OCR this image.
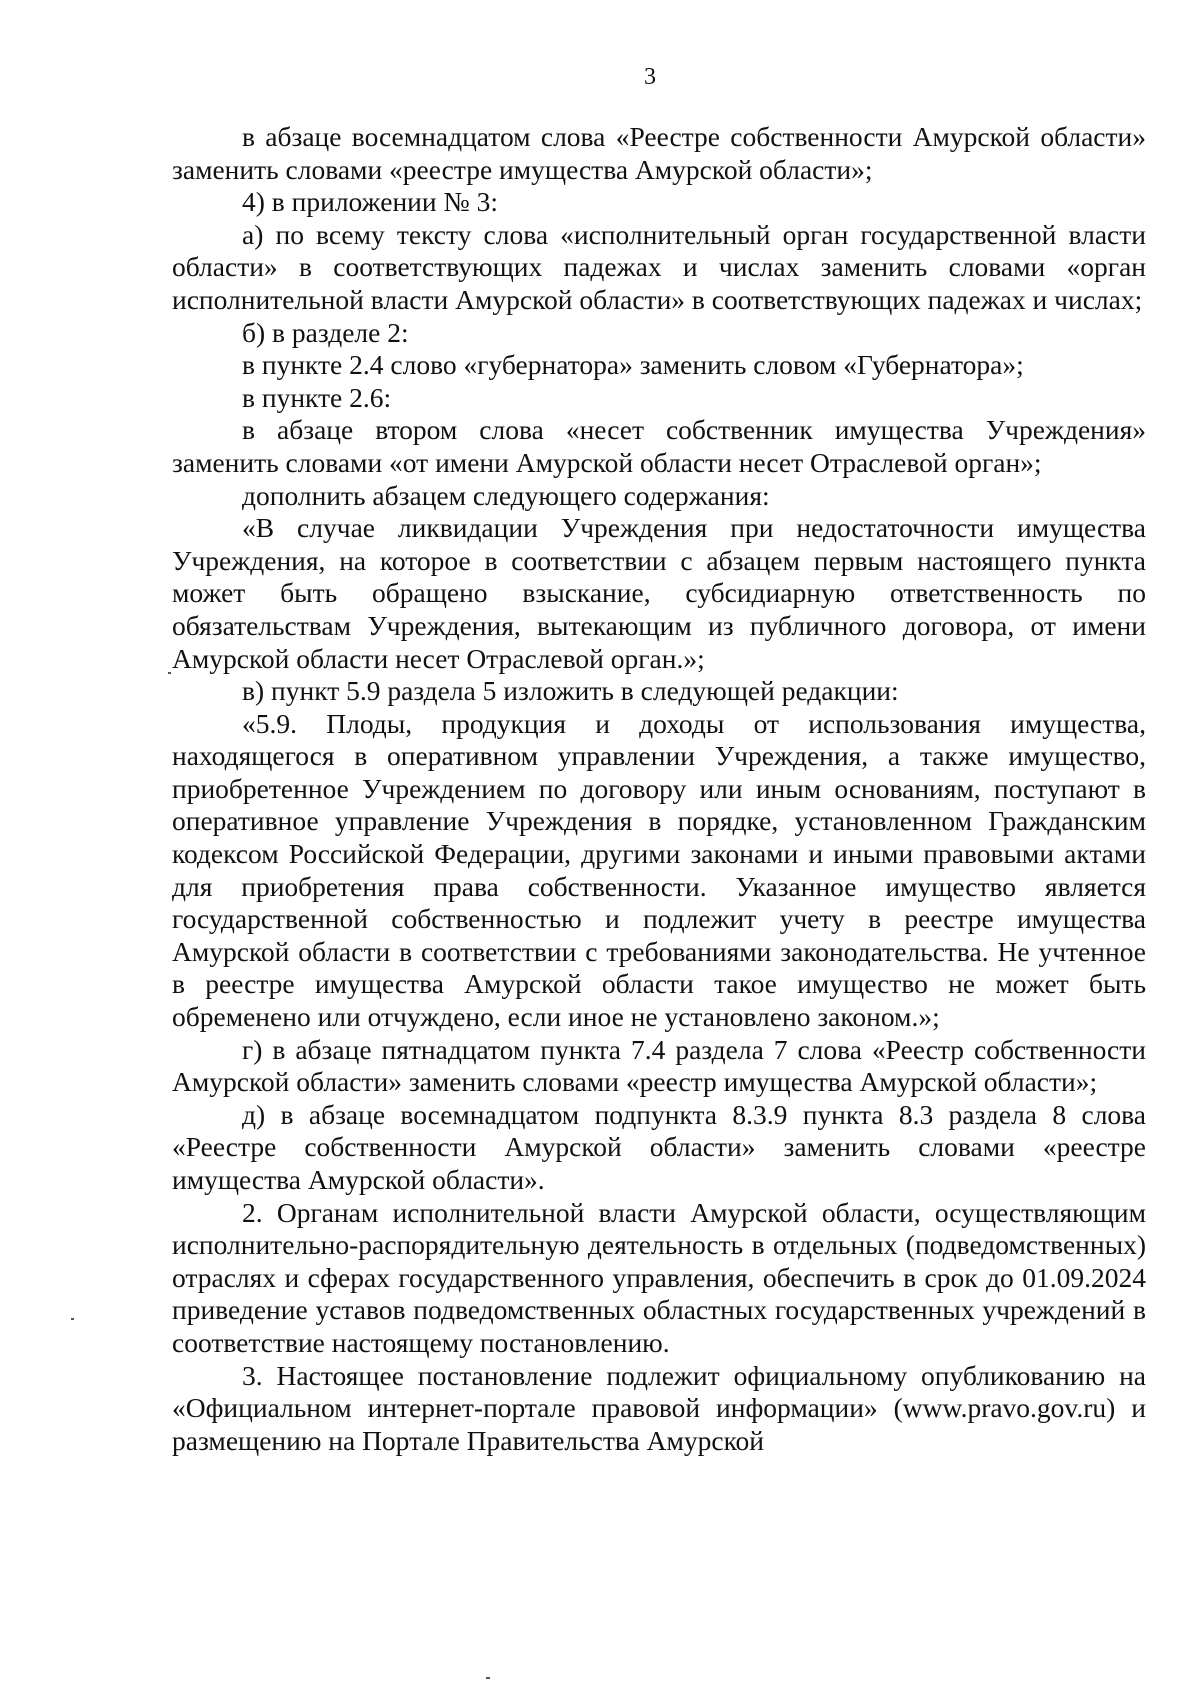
3

в абзаце восемнадцатом слова «Реестре собственности Амурской области» заменить словами «реестре имущества Амурской области»;

4) в приложении № 3:

а) по всему тексту слова «исполнительный орган государственной власти области» в соответствующих падежах и числах заменить словами «орган исполнительной власти Амурской области» в соответствующих падежах и числах;

б) в разделе 2:

в пункте 2.4 слово «губернатора» заменить словом «Губернатора»;

в пункте 2.6:

в абзаце втором слова «несет собственник имущества Учреждения» заменить словами «от имени Амурской области несет Отраслевой орган»;

дополнить абзацем следующего содержания:

«В случае ликвидации Учреждения при недостаточности имущества Учреждения, на которое в соответствии с абзацем первым настоящего пункта может быть обращено взыскание, субсидиарную ответственность по обязательствам Учреждения, вытекающим из публичного договора, от имени Амурской области несет Отраслевой орган.»;

в) пункт 5.9 раздела 5 изложить в следующей редакции:

«5.9. Плоды, продукция и доходы от использования имущества, находящегося в оперативном управлении Учреждения, а также имущество, приобретенное Учреждением по договору или иным основаниям, поступают в оперативное управление Учреждения в порядке, установленном Гражданским кодексом Российской Федерации, другими законами и иными правовыми актами для приобретения права собственности. Указанное имущество является государственной собственностью и подлежит учету в реестре имущества Амурской области в соответствии с требованиями законодательства. Не учтенное в реестре имущества Амурской области такое имущество не может быть обременено или отчуждено, если иное не установлено законом.»;

г) в абзаце пятнадцатом пункта 7.4 раздела 7 слова «Реестр собственности Амурской области» заменить словами «реестр имущества Амурской области»;

д) в абзаце восемнадцатом подпункта 8.3.9 пункта 8.3 раздела 8 слова «Реестре собственности Амурской области» заменить словами «реестре имущества Амурской области».

2. Органам исполнительной власти Амурской области, осуществляющим исполнительно-распорядительную деятельность в отдельных (подведомственных) отраслях и сферах государственного управления, обеспечить в срок до 01.09.2024 приведение уставов подведомственных областных государственных учреждений в соответствие настоящему постановлению.

3. Настоящее постановление подлежит официальному опубликованию на «Официальном интернет-портале правовой информации» (www.pravo.gov.ru) и размещению на Портале Правительства Амурской
